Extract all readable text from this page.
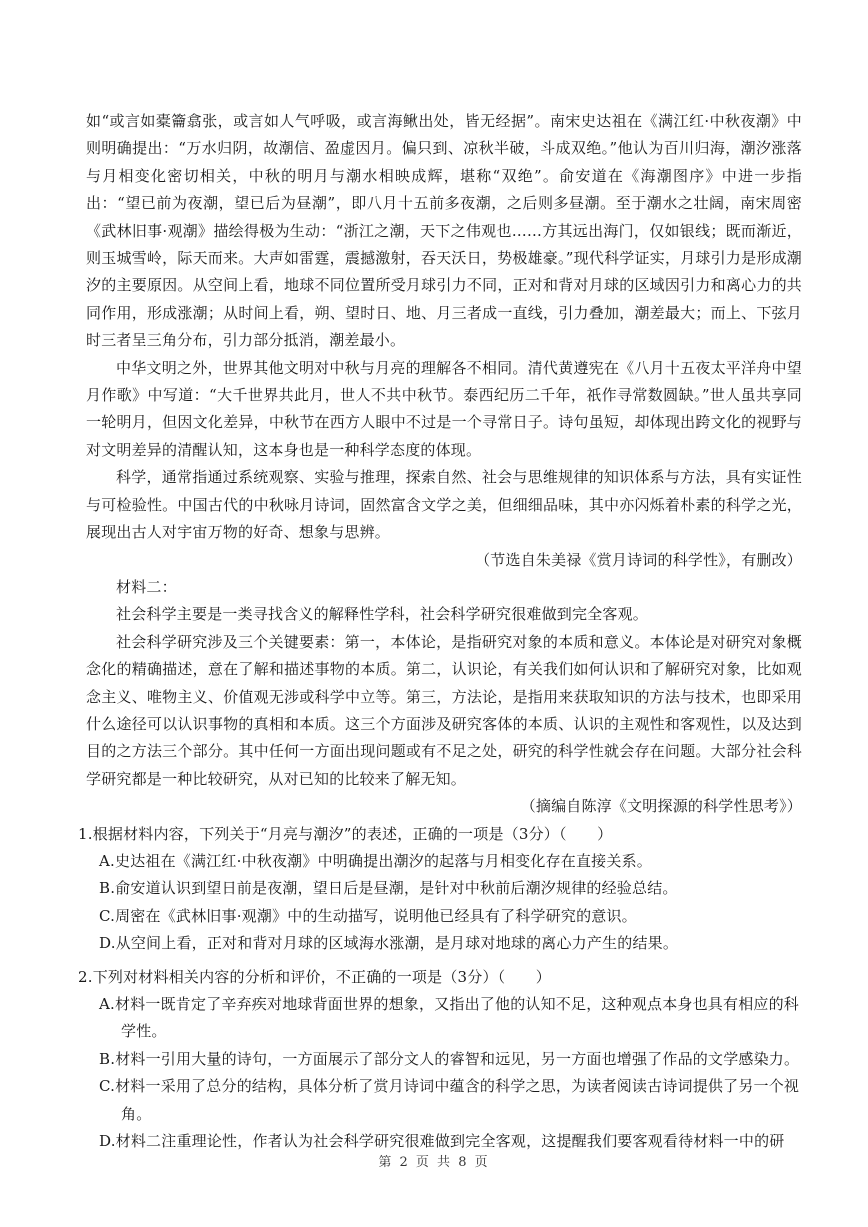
如“或言如橐籥翕张，或言如人气呼吸，或言海鳅出处，皆无经据”。南宋史达祖在《满江红·中秋夜潮》中则明确提出：“万水归阴，故潮信、盈虚因月。偏只到、凉秋半破，斗成双绝。”他认为百川归海，潮汐涨落与月相变化密切相关，中秋的明月与潮水相映成辉，堪称“双绝”。俞安道在《海潮图序》中进一步指出：“望已前为夜潮，望已后为昼潮”，即八月十五前多夜潮，之后则多昼潮。至于潮水之壮阔，南宋周密《武林旧事·观潮》描绘得极为生动：“浙江之潮，天下之伟观也……方其远出海门，仅如银线；既而渐近，则玉城雪岭，际天而来。大声如雷霆，震撼激射，吞天沃日，势极雄豪。”现代科学证实，月球引力是形成潮汐的主要原因。从空间上看，地球不同位置所受月球引力不同，正对和背对月球的区域因引力和离心力的共同作用，形成涨潮；从时间上看，朔、望时日、地、月三者成一直线，引力叠加，潮差最大；而上、下弦月时三者呈三角分布，引力部分抵消，潮差最小。

中华文明之外，世界其他文明对中秋与月亮的理解各不相同。清代黄遵宪在《八月十五夜太平洋舟中望月作歌》中写道：“大千世界共此月，世人不共中秋节。泰西纪历二千年，祇作寻常数圆缺。”世人虽共享同一轮明月，但因文化差异，中秋节在西方人眼中不过是一个寻常日子。诗句虽短，却体现出跨文化的视野与对文明差异的清醒认知，这本身也是一种科学态度的体现。

科学，通常指通过系统观察、实验与推理，探索自然、社会与思维规律的知识体系与方法，具有实证性与可检验性。中国古代的中秋咏月诗词，固然富含文学之美，但细细品味，其中亦闪烁着朴素的科学之光，展现出古人对宇宙万物的好奇、想象与思辨。

（节选自朱美禄《赏月诗词的科学性》，有删改）

材料二：

社会科学主要是一类寻找含义的解释性学科，社会科学研究很难做到完全客观。

社会科学研究涉及三个关键要素：第一，本体论，是指研究对象的本质和意义。本体论是对研究对象概念化的精确描述，意在了解和描述事物的本质。第二，认识论，有关我们如何认识和了解研究对象，比如观念主义、唯物主义、价值观无涉或科学中立等。第三，方法论，是指用来获取知识的方法与技术，也即采用什么途径可以认识事物的真相和本质。这三个方面涉及研究客体的本质、认识的主观性和客观性，以及达到目的之方法三个部分。其中任何一方面出现问题或有不足之处，研究的科学性就会存在问题。大部分社会科学研究都是一种比较研究，从对已知的比较来了解无知。

（摘编自陈淳《文明探源的科学性思考》）

1.根据材料内容，下列关于“月亮与潮汐”的表述，正确的一项是（3分）（　　）

A.史达祖在《满江红·中秋夜潮》中明确提出潮汐的起落与月相变化存在直接关系。

B.俞安道认识到望日前是夜潮，望日后是昼潮，是针对中秋前后潮汐规律的经验总结。

C.周密在《武林旧事·观潮》中的生动描写，说明他已经具有了科学研究的意识。

D.从空间上看，正对和背对月球的区域海水涨潮，是月球对地球的离心力产生的结果。

2.下列对材料相关内容的分析和评价，不正确的一项是（3分）（　　）

A.材料一既肯定了辛弃疾对地球背面世界的想象，又指出了他的认知不足，这种观点本身也具有相应的科学性。

B.材料一引用大量的诗句，一方面展示了部分文人的睿智和远见，另一方面也增强了作品的文学感染力。

C.材料一采用了总分的结构，具体分析了赏月诗词中蕴含的科学之思，为读者阅读古诗词提供了另一个视角。

D.材料二注重理论性，作者认为社会科学研究很难做到完全客观，这提醒我们要客观看待材料一中的研

第 2 页 共 8 页
